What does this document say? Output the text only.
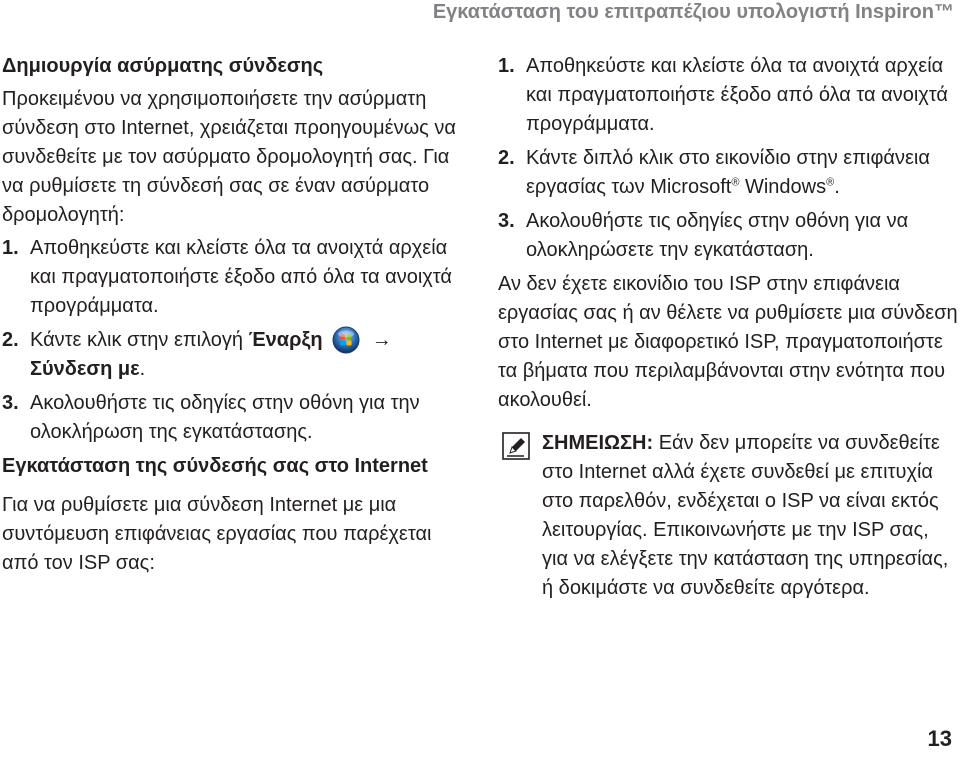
Εγκατάσταση του επιτραπέζιου υπολογιστή Inspiron™
Δημιουργία ασύρματης σύνδεσης
Προκειμένου να χρησιμοποιήσετε την ασύρματη σύνδεση στο Internet, χρειάζεται προηγουμένως να συνδεθείτε με τον ασύρματο δρομολογητή σας. Για να ρυθμίσετε τη σύνδεσή σας σε έναν ασύρματο δρομολογητή:
1. Αποθηκεύστε και κλείστε όλα τα ανοιχτά αρχεία και πραγματοποιήστε έξοδο από όλα τα ανοιχτά προγράμματα.
2. Κάντε κλικ στην επιλογή Έναρξη →
Σύνδεση με.
3. Ακολουθήστε τις οδηγίες στην οθόνη για την ολοκλήρωση της εγκατάστασης.
Εγκατάσταση της σύνδεσής σας στο Internet
Για να ρυθμίσετε μια σύνδεση Internet με μια συντόμευση επιφάνειας εργασίας που παρέχεται από τον ISP σας:
1. Αποθηκεύστε και κλείστε όλα τα ανοιχτά αρχεία και πραγματοποιήστε έξοδο από όλα τα ανοιχτά προγράμματα.
2. Κάντε διπλό κλικ στο εικονίδιο στην επιφάνεια εργασίας των Microsoft® Windows®.
3. Ακολουθήστε τις οδηγίες στην οθόνη για να ολοκληρώσετε την εγκατάσταση.
Αν δεν έχετε εικονίδιο του ISP στην επιφάνεια εργασίας σας ή αν θέλετε να ρυθμίσετε μια σύνδεση στο Internet με διαφορετικό ISP, πραγματοποιήστε τα βήματα που περιλαμβάνονται στην ενότητα που ακολουθεί.
ΣΗΜΕΙΩΣΗ: Εάν δεν μπορείτε να συνδεθείτε στο Internet αλλά έχετε συνδεθεί με επιτυχία στο παρελθόν, ενδέχεται ο ISP να είναι εκτός λειτουργίας. Επικοινωνήστε με την ISP σας, για να ελέγξετε την κατάσταση της υπηρεσίας, ή δοκιμάστε να συνδεθείτε αργότερα.
13
